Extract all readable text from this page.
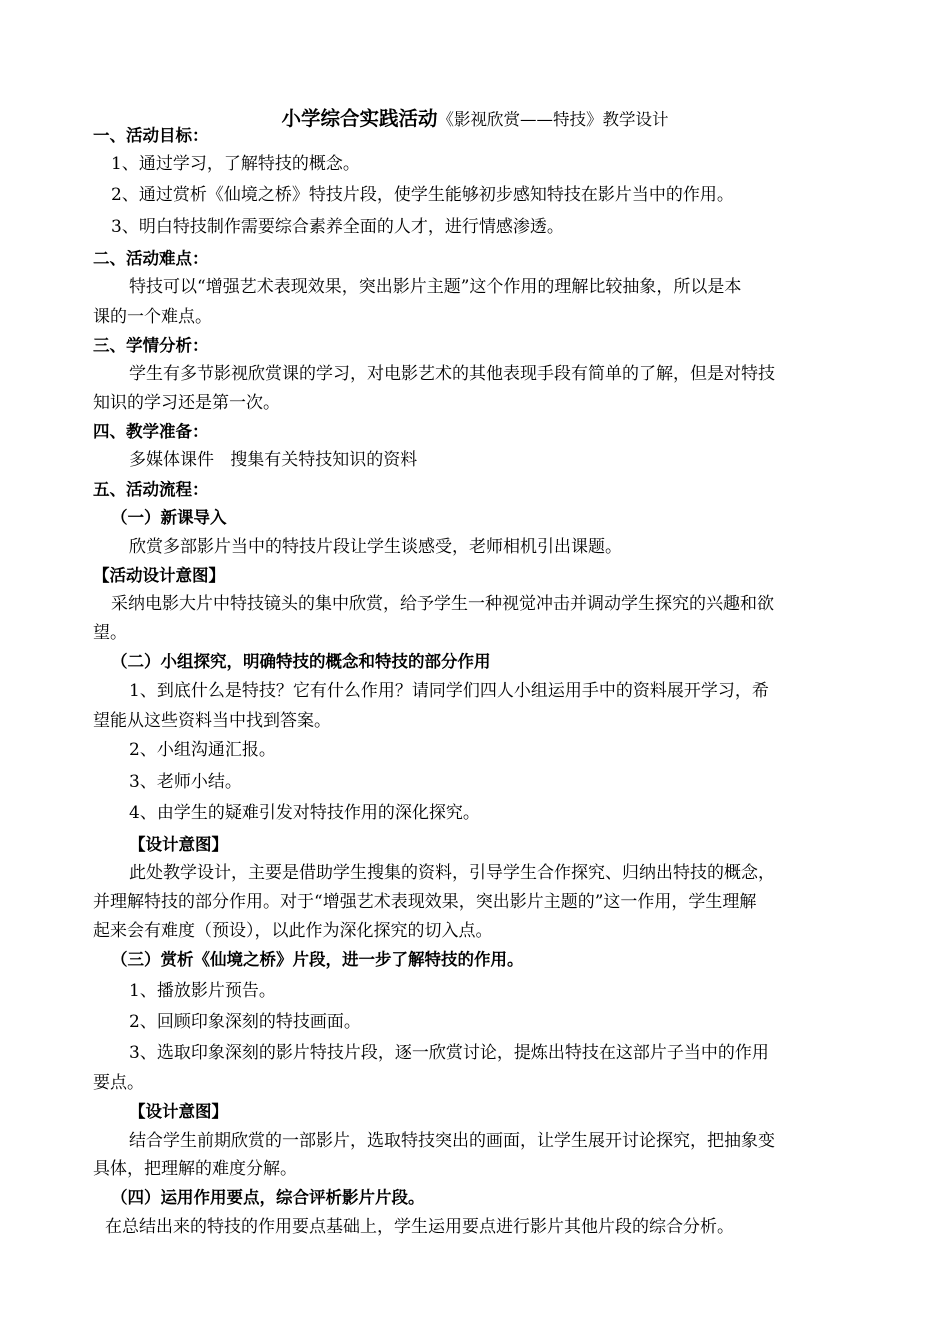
小学综合实践活动《影视欣赏——特技》教学设计
一、活动目标：
1、通过学习，了解特技的概念。
2、通过赏析《仙境之桥》特技片段，使学生能够初步感知特技在影片当中的作用。
3、明白特技制作需要综合素养全面的人才，进行情感渗透。
二、活动难点：
特技可以“增强艺术表现效果，突出影片主题”这个作用的理解比较抽象，所以是本
课的一个难点。
三、学情分析：
学生有多节影视欣赏课的学习，对电影艺术的其他表现手段有简单的了解，但是对特技
知识的学习还是第一次。
四、教学准备：
多媒体课件   搜集有关特技知识的资料
五、活动流程：
（一）新课导入
欣赏多部影片当中的特技片段让学生谈感受，老师相机引出课题。
【活动设计意图】
采纳电影大片中特技镜头的集中欣赏，给予学生一种视觉冲击并调动学生探究的兴趣和欲
望。
（二）小组探究，明确特技的概念和特技的部分作用
1、到底什么是特技？它有什么作用？请同学们四人小组运用手中的资料展开学习，希
望能从这些资料当中找到答案。
2、小组沟通汇报。
3、老师小结。
4、由学生的疑难引发对特技作用的深化探究。
【设计意图】
此处教学设计，主要是借助学生搜集的资料，引导学生合作探究、归纳出特技的概念，
并理解特技的部分作用。对于“增强艺术表现效果，突出影片主题的”这一作用，学生理解
起来会有难度（预设），以此作为深化探究的切入点。
（三）赏析《仙境之桥》片段，进一步了解特技的作用。
1、播放影片预告。
2、回顾印象深刻的特技画面。
3、选取印象深刻的影片特技片段，逐一欣赏讨论，提炼出特技在这部片子当中的作用
要点。
【设计意图】
结合学生前期欣赏的一部影片，选取特技突出的画面，让学生展开讨论探究，把抽象变
具体，把理解的难度分解。
（四）运用作用要点，综合评析影片片段。
在总结出来的特技的作用要点基础上，学生运用要点进行影片其他片段的综合分析。
